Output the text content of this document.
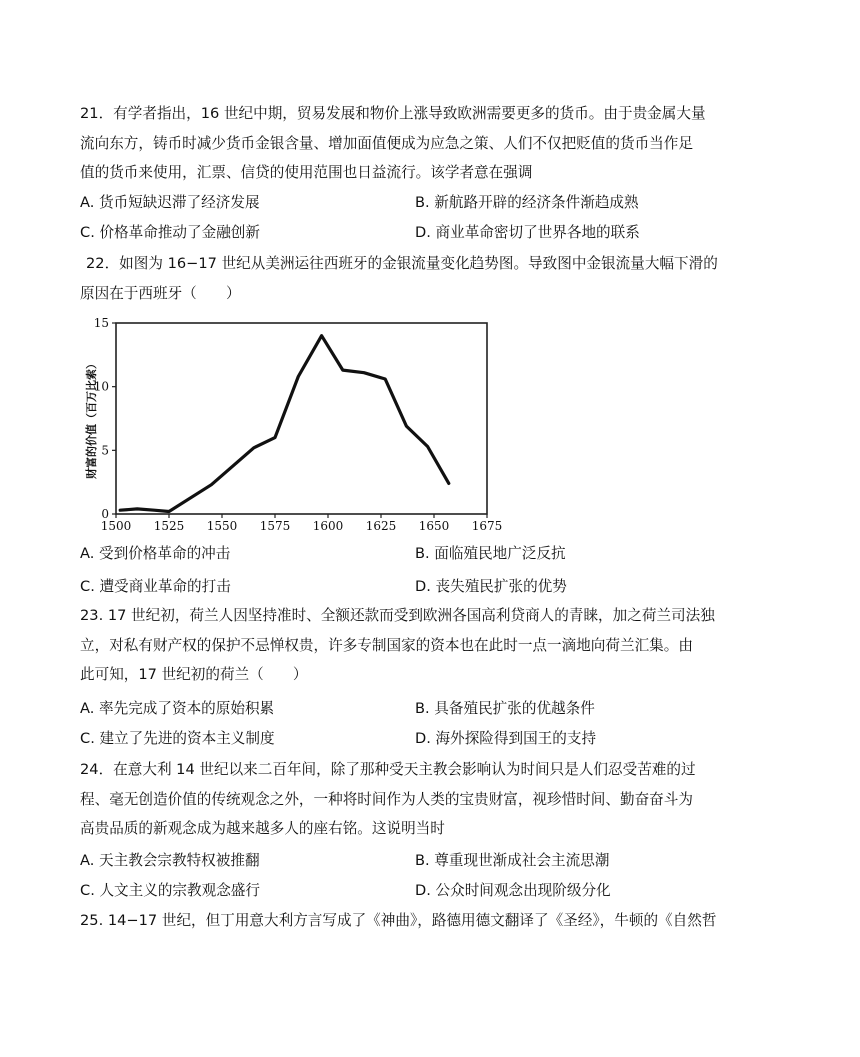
21．有学者指出，16 世纪中期，贸易发展和物价上涨导致欧洲需要更多的货币。由于贵金属大量
流向东方，铸币时减少货币金银含量、增加面值便成为应急之策、人们不仅把贬值的货币当作足
值的货币来使用，汇票、信贷的使用范围也日益流行。该学者意在强调
A. 货币短缺迟滞了经济发展	B. 新航路开辟的经济条件渐趋成熟
C. 价格革命推动了金融创新	D. 商业革命密切了世界各地的联系
22．如图为 16−17 世纪从美洲运往西班牙的金银流量变化趋势图。导致图中金银流量大幅下滑的
原因在于西班牙（　　）
1500 1525 1550 1575 1600 1625 1650 1675
0
5
10
15
财富的价值（百万比索）
A. 受到价格革命的冲击	B. 面临殖民地广泛反抗
C. 遭受商业革命的打击	D. 丧失殖民扩张的优势
23. 17 世纪初，荷兰人因坚持准时、全额还款而受到欧洲各国高利贷商人的青睐，加之荷兰司法独
立，对私有财产权的保护不忌惮权贵，许多专制国家的资本也在此时一点一滴地向荷兰汇集。由
此可知，17 世纪初的荷兰（　　）
A. 率先完成了资本的原始积累	B. 具备殖民扩张的优越条件
C. 建立了先进的资本主义制度	D. 海外探险得到国王的支持
24．在意大利 14 世纪以来二百年间，除了那种受天主教会影响认为时间只是人们忍受苦难的过
程、毫无创造价值的传统观念之外，一种将时间作为人类的宝贵财富，视珍惜时间、勤奋奋斗为
高贵品质的新观念成为越来越多人的座右铭。这说明当时
A. 天主教会宗教特权被推翻	B. 尊重现世渐成社会主流思潮
C. 人文主义的宗教观念盛行	D. 公众时间观念出现阶级分化
25. 14−17 世纪，但丁用意大利方言写成了《神曲》，路德用德文翻译了《圣经》，牛顿的《自然哲
